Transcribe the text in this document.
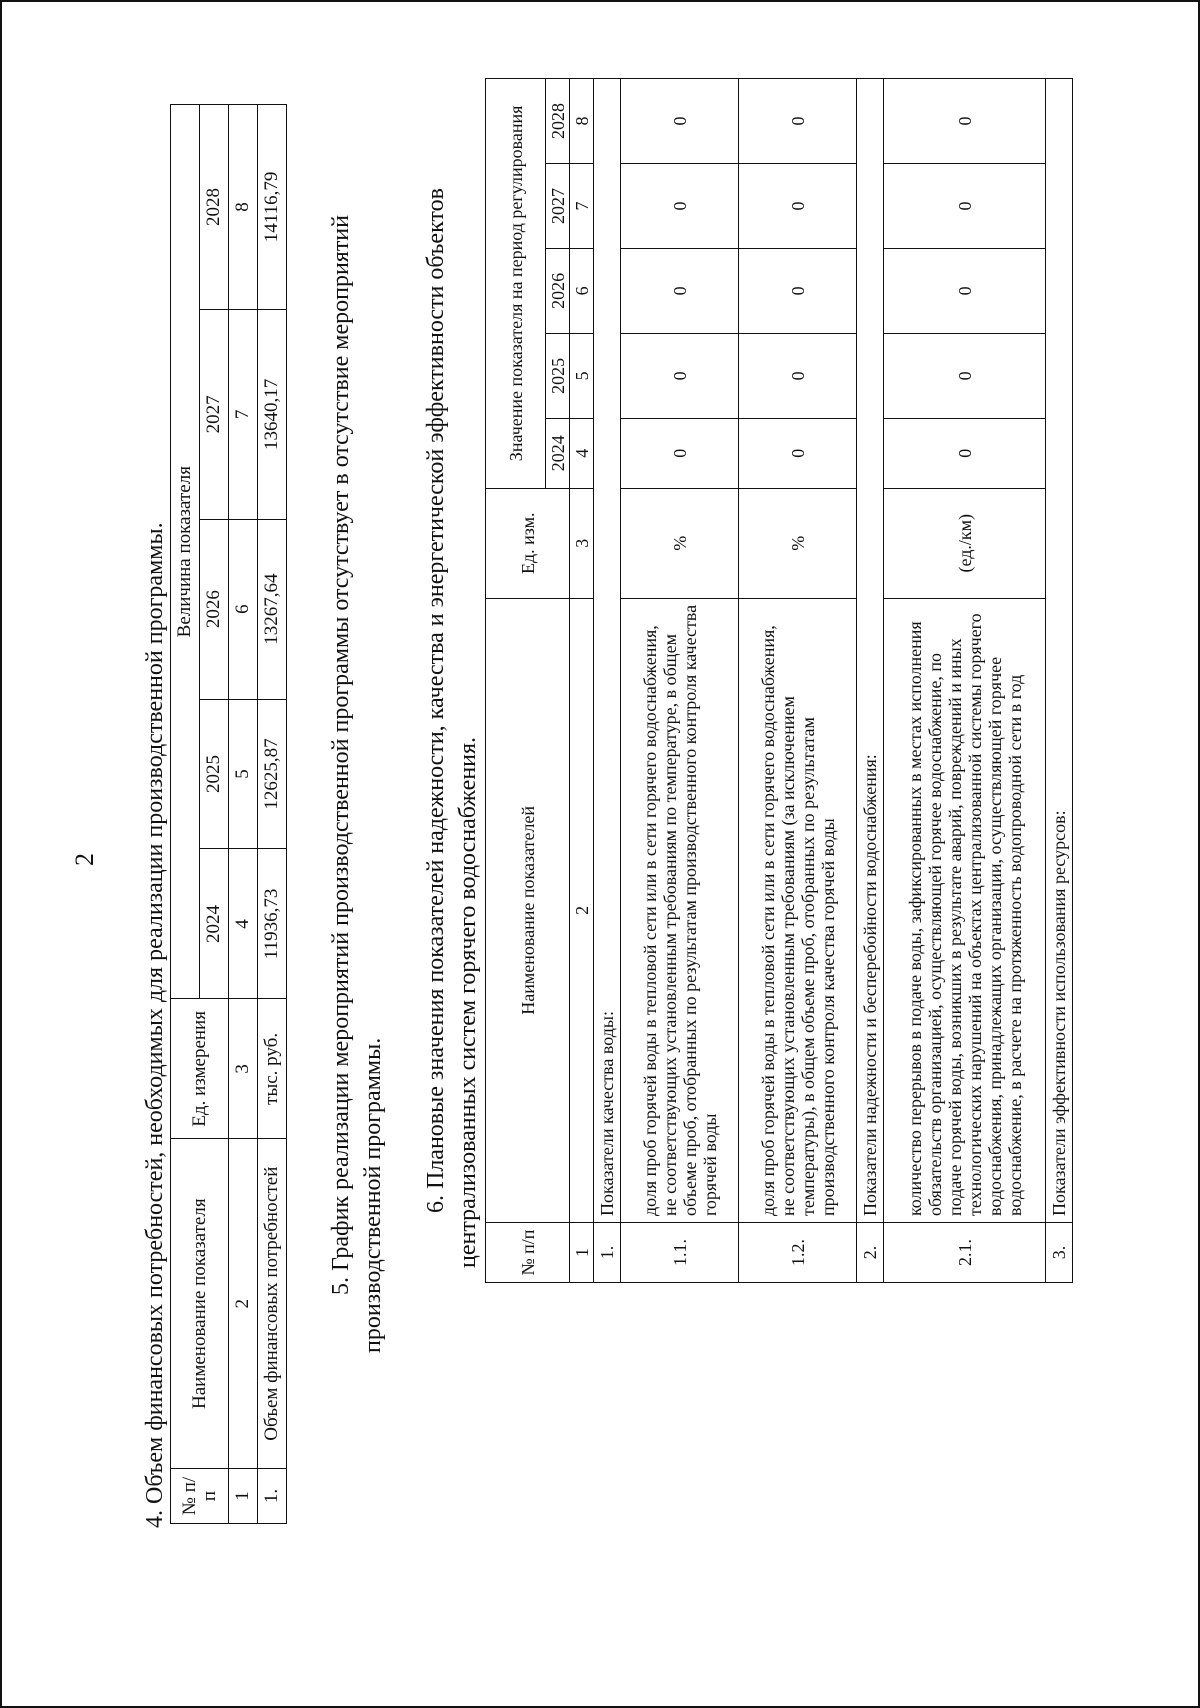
2 4. Объем финансовых потребностей, необходимых для реализации производственной программы. № п/п	Наименование показателя	Ед. измерения	Величина показателя				
			2024	2025	2026	2027	2028
1	2	3	4	5	6	7	8
1.	Объем финансовых потребностей	тыс. руб.	11936,73	12625,87	13267,64	13640,17	14116,79
5. График реализации мероприятий производственной программы отсутствует в отсутствие мероприятий производственной программы. 6. Плановые значения показателей надежности, качества и энергетической эффективности объектов централизованных систем горячего водоснабжения. № п/п	Наименование показателей	Ед. изм.	Значение показателя на период регулирования				
			2024	2025	2026	2027	2028
1	2	3	4	5	6	7	8
1.	Показатели качества воды:						
1.1.	доля проб горячей воды в тепловой сети или в сети горячего водоснабжения, не соответствующих установленным требованиям по температуре, в общем объеме проб, отобранных по результатам производственного контроля качества горячей воды	%	0	0	0	0	0
1.2.	доля проб горячей воды в тепловой сети или в сети горячего водоснабжения, не соответствующих установленным требованиям (за исключением температуры), в общем объеме проб, отобранных по результатам производственного контроля качества горячей воды	%	0	0	0	0	0
2.	Показатели надежности и бесперебойности водоснабжения:						
2.1.	количество перерывов в подаче воды, зафиксированных в местах исполнения обязательств организацией, осуществляющей горячее водоснабжение, по подаче горячей воды, возникших в результате аварий, повреждений и иных технологических нарушений на объектах централизованной системы горячего водоснабжения, принадлежащих организации, осуществляющей горячее водоснабжение, в расчете на протяженность водопроводной сети в год	(ед./км)	0	0	0	0	0
3.	Показатели эффективности использования ресурсов:						
